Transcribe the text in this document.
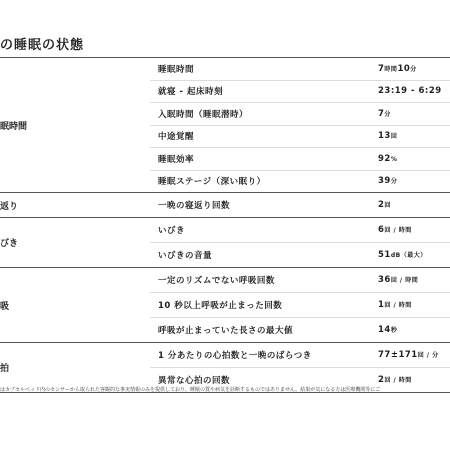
の睡眠の状態
眠時間
睡眠時間	7時間10分
就寝 - 起床時刻	23:19 - 6:29
入眠時間（睡眠潜時）	7分
中途覚醒	13回
睡眠効率	92%
睡眠ステージ（深い眠り）	39分
返り	一晩の寝返り回数	2回
びき
いびき	6回 / 時間
いびきの音量	51dB（最大）
吸
一定のリズムでない呼吸回数	36回 / 時間
10 秒以上呼吸が止まった回数	1回 / 時間
呼吸が止まっていた長さの最大値	14秒
拍
1 分あたりの心拍数と一晩のばらつき	77±171回 / 分
異常な心拍の回数	2回 / 時間
はカプセルベッド内のセンサーから取られた客観的な事実情報のみを提供しており、睡眠の質や病気を診断するものではありません。結果が気になる方は医療機関等にご
